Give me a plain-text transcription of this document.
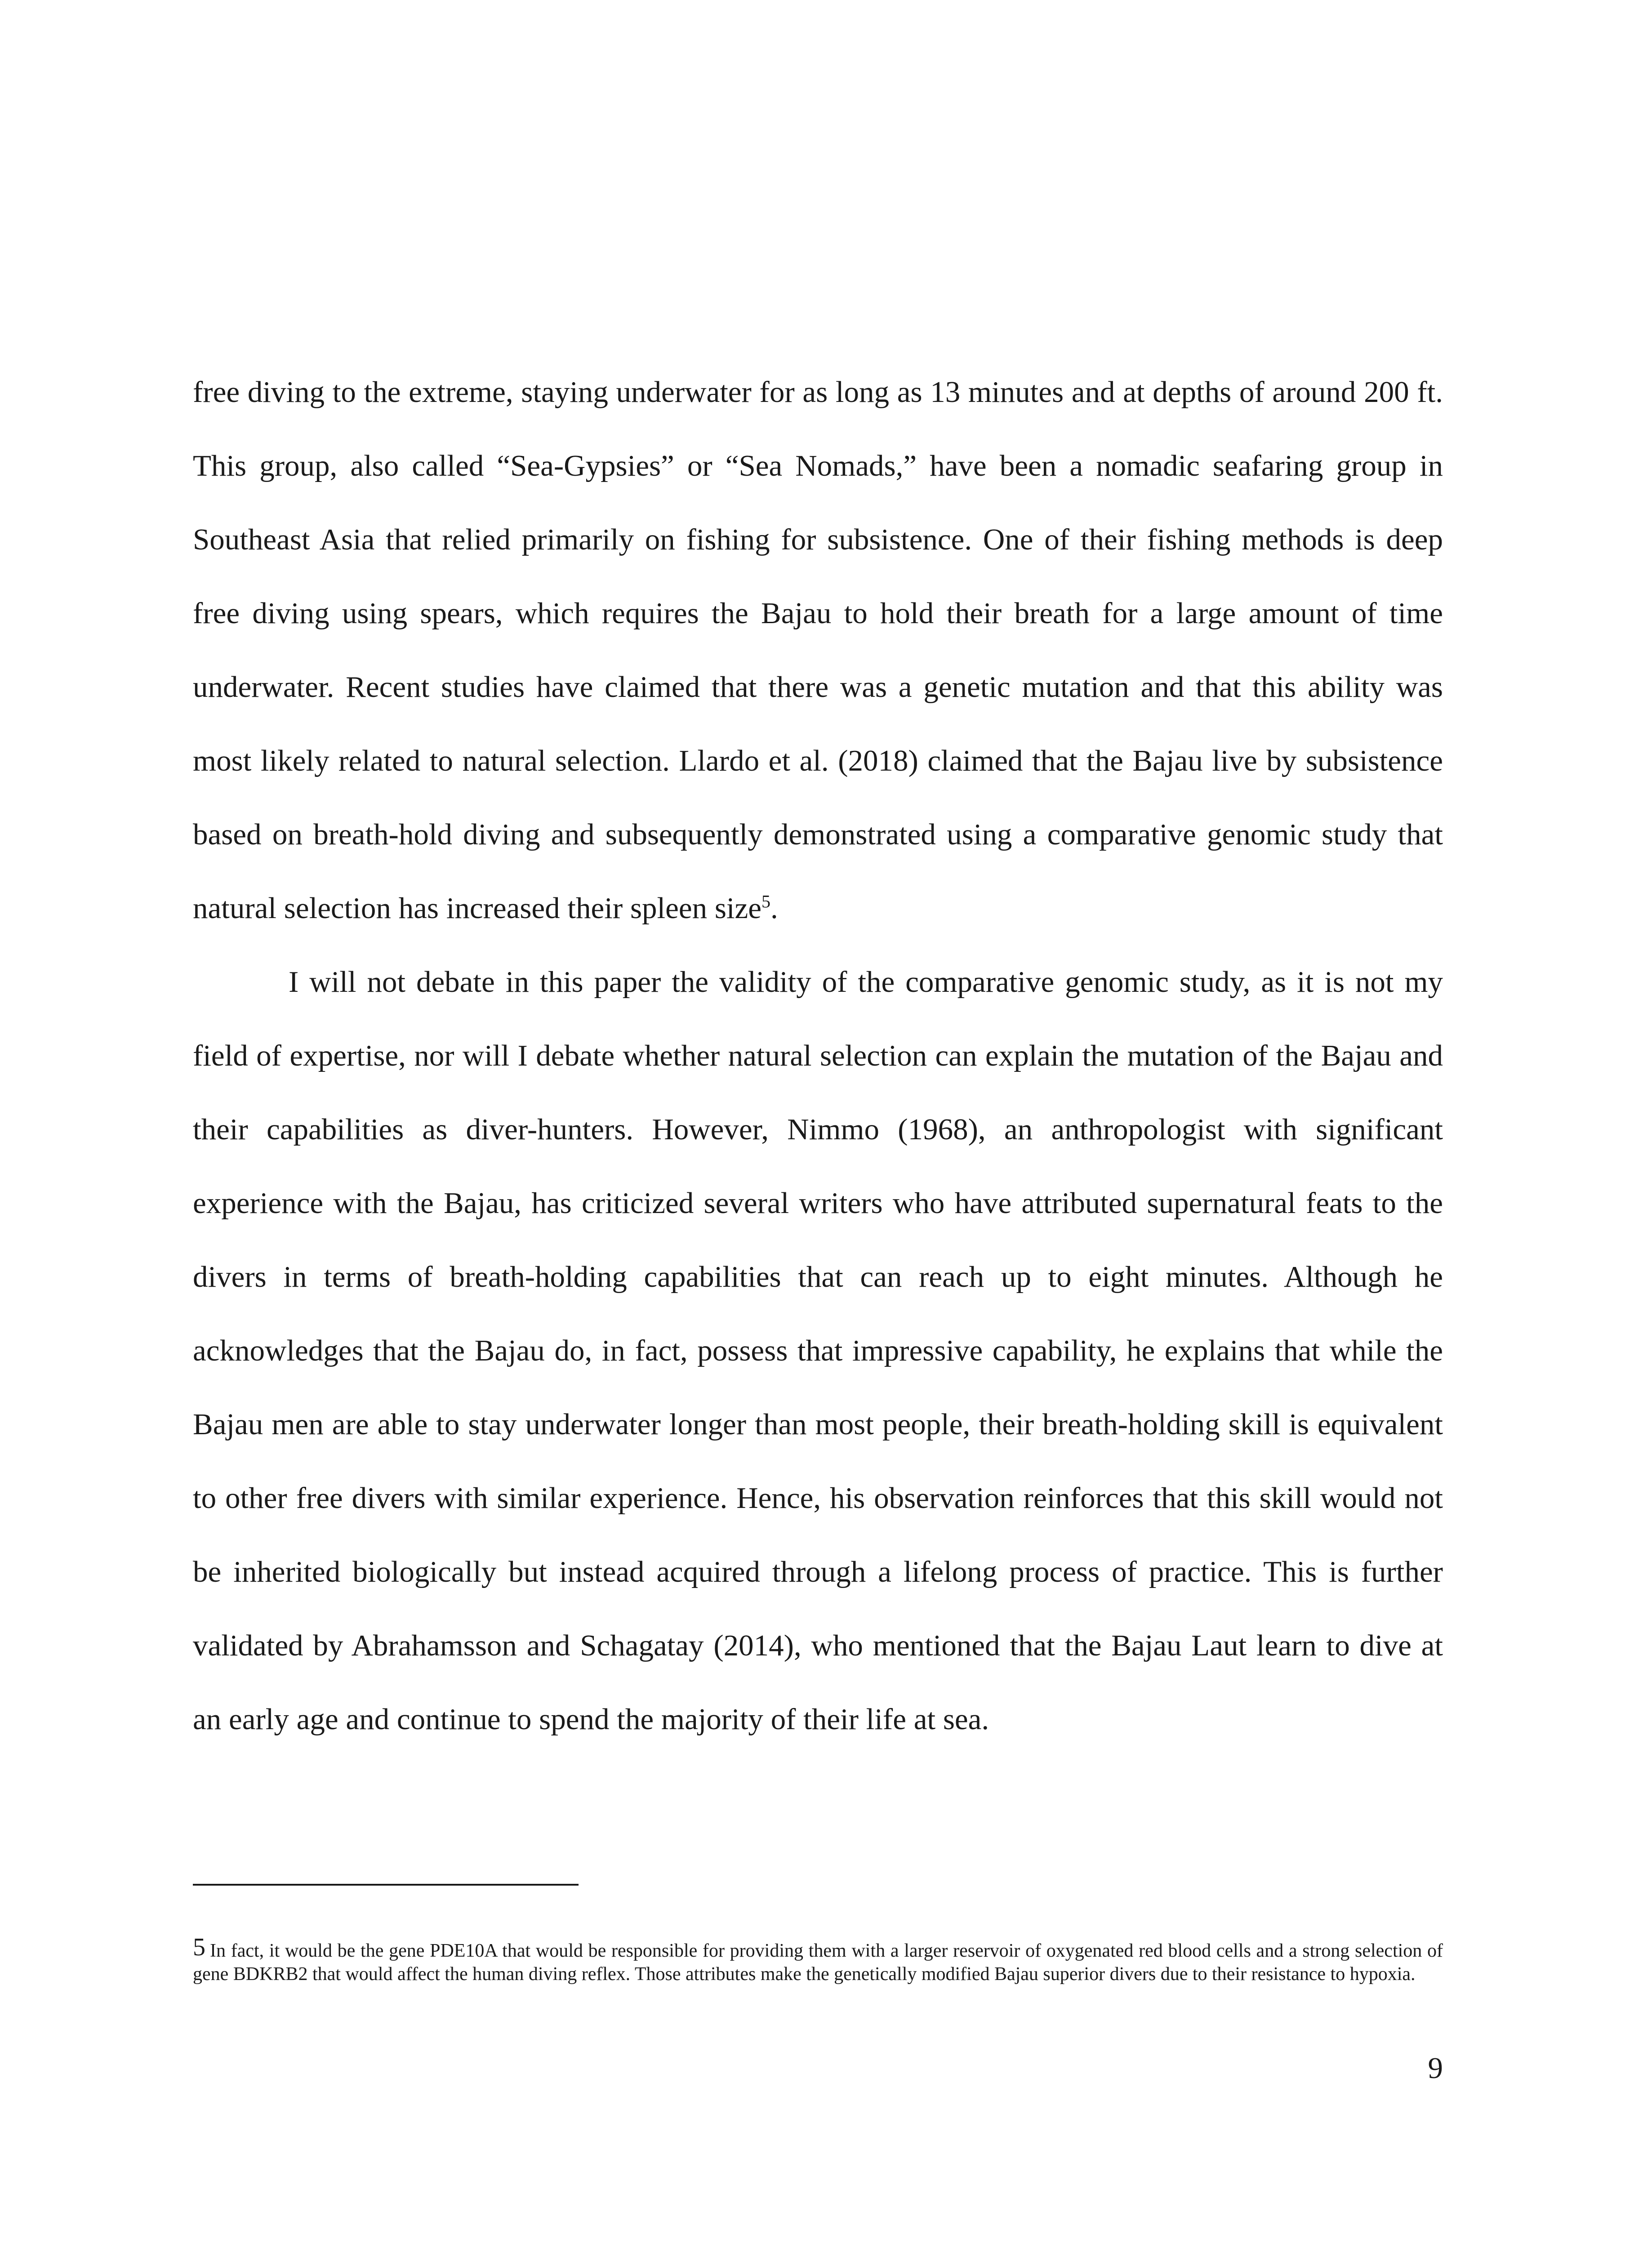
free diving to the extreme, staying underwater for as long as 13 minutes and at depths of around 200 ft. This group, also called “Sea-Gypsies” or “Sea Nomads,” have been a nomadic seafaring group in Southeast Asia that relied primarily on fishing for subsistence. One of their fishing methods is deep free diving using spears, which requires the Bajau to hold their breath for a large amount of time underwater. Recent studies have claimed that there was a genetic mutation and that this ability was most likely related to natural selection. Llardo et al. (2018) claimed that the Bajau live by subsistence based on breath-hold diving and subsequently demonstrated using a comparative genomic study that natural selection has increased their spleen size$^5$.

I will not debate in this paper the validity of the comparative genomic study, as it is not my field of expertise, nor will I debate whether natural selection can explain the mutation of the Bajau and their capabilities as diver-hunters. However, Nimmo (1968), an anthropologist with significant experience with the Bajau, has criticized several writers who have attributed supernatural feats to the divers in terms of breath-holding capabilities that can reach up to eight minutes. Although he acknowledges that the Bajau do, in fact, possess that impressive capability, he explains that while the Bajau men are able to stay underwater longer than most people, their breath-holding skill is equivalent to other free divers with similar experience. Hence, his observation reinforces that this skill would not be inherited biologically but instead acquired through a lifelong process of practice. This is further validated by Abrahamsson and Schagatay (2014), who mentioned that the Bajau Laut learn to dive at an early age and continue to spend the majority of their life at sea.

5 In fact, it would be the gene PDE10A that would be responsible for providing them with a larger reservoir of oxygenated red blood cells and a strong selection of gene BDKRB2 that would affect the human diving reflex. Those attributes make the genetically modified Bajau superior divers due to their resistance to hypoxia.
9
